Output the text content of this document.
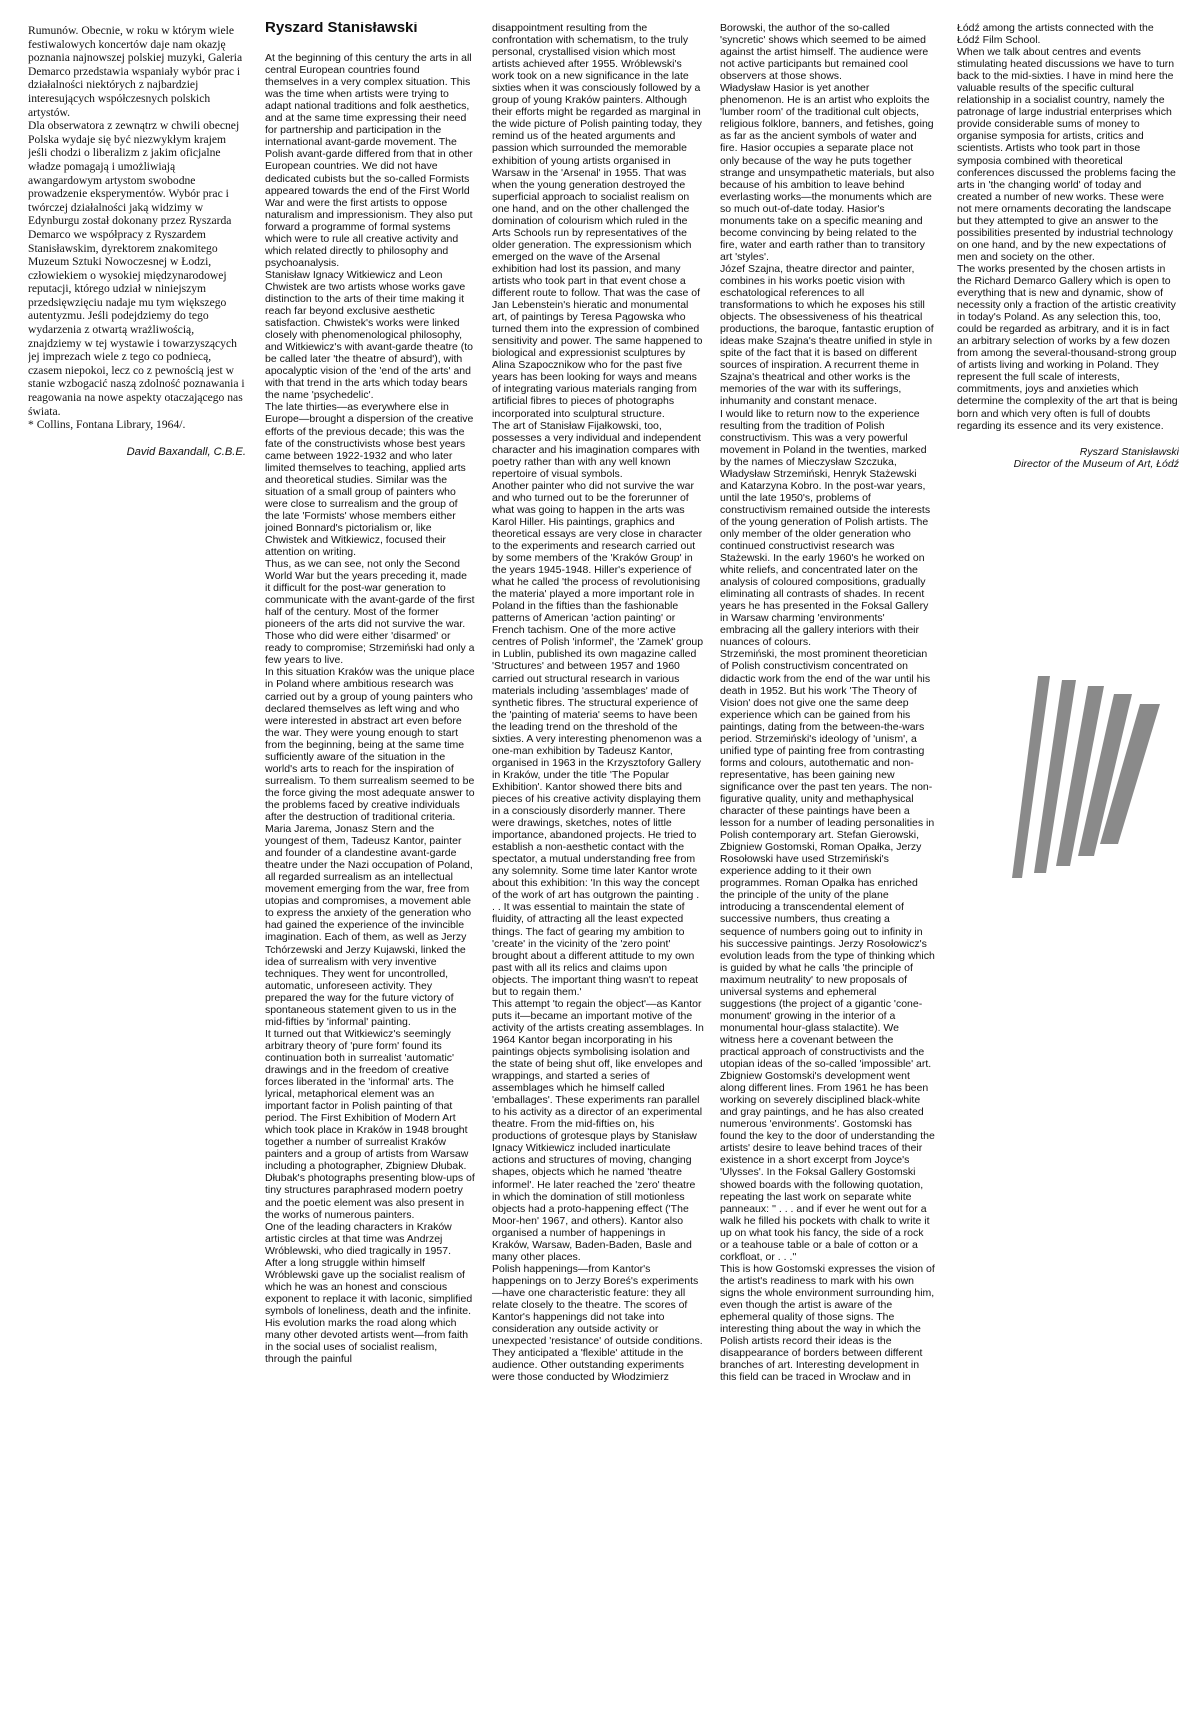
Rumunów. Obecnie, w roku w którym wiele festiwalowych koncertów daje nam okazję poznania najnowszej polskiej muzyki, Galeria Demarco przedstawia wspaniały wybór prac i działalności niektórych z najbardziej interesujących współczesnych polskich artystów.

Dla obserwatora z zewnątrz w chwili obecnej Polska wydaje się być niezwykłym krajem jeśli chodzi o liberalizm z jakim oficjalne władze pomagają i umożliwiają awangardowym artystom swobodne prowadzenie eksperymentów. Wybór prac i twórczej działalności jaką widzimy w Edynburgu został dokonany przez Ryszarda Demarco we współpracy z Ryszardem Stanisławskim, dyrektorem znakomitego Muzeum Sztuki Nowoczesnej w Łodzi, człowiekiem o wysokiej międzynarodowej reputacji, którego udział w niniejszym przedsięwzięciu nadaje mu tym większego autentyzmu. Jeśli podejdziemy do tego wydarzenia z otwartą wrażliwością, znajdziemy w tej wystawie i towarzyszących jej imprezach wiele z tego co podniecą, czasem niepokoi, lecz co z pewnością jest w stanie wzbogacić naszą zdolność poznawania i reagowania na nowe aspekty otaczającego nas świata.

* Collins, Fontana Library, 1964/.

David Baxandall, C.B.E.

Ryszard Stanisławski

At the beginning of this century the arts in all central European countries found themselves in a very complex situation. This was the time when artists were trying to adapt national traditions and folk aesthetics, and at the same time expressing their need for partnership and participation in the international avant-garde movement. The Polish avant-garde differed from that in other European countries. We did not have dedicated cubists but the so-called Formists appeared towards the end of the First World War and were the first artists to oppose naturalism and impressionism. They also put forward a programme of formal systems which were to rule all creative activity and which related directly to philosophy and psychoanalysis.

Stanisław Ignacy Witkiewicz and Leon Chwistek are two artists whose works gave distinction to the arts of their time making it reach far beyond exclusive aesthetic satisfaction. Chwistek's works were linked closely with phenomenological philosophy, and Witkiewicz's with avant-garde theatre (to be called later 'the theatre of absurd'), with apocalyptic vision of the 'end of the arts' and with that trend in the arts which today bears the name 'psychedelic'.

The late thirties—as everywhere else in Europe—brought a dispersion of the creative efforts of the previous decade; this was the fate of the constructivists whose best years came between 1922-1932 and who later limited themselves to teaching, applied arts and theoretical studies. Similar was the situation of a small group of painters who were close to surrealism and the group of the late 'Formists' whose members either joined Bonnard's pictorialism or, like Chwistek and Witkiewicz, focused their attention on writing.

Thus, as we can see, not only the Second World War but the years preceding it, made it difficult for the post-war generation to communicate with the avant-garde of the first half of the century. Most of the former pioneers of the arts did not survive the war. Those who did were either 'disarmed' or ready to compromise; Strzemiński had only a few years to live.

In this situation Kraków was the unique place in Poland where ambitious research was carried out by a group of young painters who declared themselves as left wing and who were interested in abstract art even before the war. They were young enough to start from the beginning, being at the same time sufficiently aware of the situation in the world's arts to reach for the inspiration of surrealism. To them surrealism seemed to be the force giving the most adequate answer to the problems faced by creative individuals after the destruction of traditional criteria. Maria Jarema, Jonasz Stern and the youngest of them, Tadeusz Kantor, painter and founder of a clandestine avant-garde theatre under the Nazi occupation of Poland, all regarded surrealism as an intellectual movement emerging from the war, free from utopias and compromises, a movement able to express the anxiety of the generation who had gained the experience of the invincible imagination. Each of them, as well as Jerzy Tchórzewski and Jerzy Kujawski, linked the idea of surrealism with very inventive techniques. They went for uncontrolled, automatic, unforeseen activity. They prepared the way for the future victory of spontaneous statement given to us in the mid-fifties by 'informal' painting.

It turned out that Witkiewicz's seemingly arbitrary theory of 'pure form' found its continuation both in surrealist 'automatic' drawings and in the freedom of creative forces liberated in the 'informal' arts. The lyrical, metaphorical element was an important factor in Polish painting of that period. The First Exhibition of Modern Art which took place in Kraków in 1948 brought together a number of surrealist Kraków painters and a group of artists from Warsaw including a photographer, Zbigniew Dłubak. Dłubak's photographs presenting blow-ups of tiny structures paraphrased modern poetry and the poetic element was also present in the works of numerous painters.

One of the leading characters in Kraków artistic circles at that time was Andrzej Wróblewski, who died tragically in 1957. After a long struggle within himself Wróblewski gave up the socialist realism of which he was an honest and conscious exponent to replace it with laconic, simplified symbols of loneliness, death and the infinite. His evolution marks the road along which many other devoted artists went—from faith in the social uses of socialist realism, through the painful

disappointment resulting from the confrontation with schematism, to the truly personal, crystallised vision which most artists achieved after 1955. Wróblewski's work took on a new significance in the late sixties when it was consciously followed by a group of young Kraków painters. Although their efforts might be regarded as marginal in the wide picture of Polish painting today, they remind us of the heated arguments and passion which surrounded the memorable exhibition of young artists organised in Warsaw in the 'Arsenal' in 1955. That was when the young generation destroyed the superficial approach to socialist realism on one hand, and on the other challenged the domination of colourism which ruled in the Arts Schools run by representatives of the older generation. The expressionism which emerged on the wave of the Arsenal exhibition had lost its passion, and many artists who took part in that event chose a different route to follow. That was the case of Jan Lebenstein's hieratic and monumental art, of paintings by Teresa Pągowska who turned them into the expression of combined sensitivity and power. The same happened to biological and expressionist sculptures by Alina Szapocznikow who for the past five years has been looking for ways and means of integrating various materials ranging from artificial fibres to pieces of photographs incorporated into sculptural structure.

The art of Stanisław Fijałkowski, too, possesses a very individual and independent character and his imagination compares with poetry rather than with any well known repertoire of visual symbols.

Another painter who did not survive the war and who turned out to be the forerunner of what was going to happen in the arts was Karol Hiller. His paintings, graphics and theoretical essays are very close in character to the experiments and research carried out by some members of the 'Kraków Group' in the years 1945-1948. Hiller's experience of what he called 'the process of revolutionising the materia' played a more important role in Poland in the fifties than the fashionable patterns of American 'action painting' or French tachism. One of the more active centres of Polish 'informel', the 'Zamek' group in Lublin, published its own magazine called 'Structures' and between 1957 and 1960 carried out structural research in various materials including 'assemblages' made of synthetic fibres. The structural experience of the 'painting of materia' seems to have been the leading trend on the threshold of the sixties. A very interesting phenomenon was a one-man exhibition by Tadeusz Kantor, organised in 1963 in the Krzysztofory Gallery in Kraków, under the title 'The Popular Exhibition'. Kantor showed there bits and pieces of his creative activity displaying them in a consciously disorderly manner. There were drawings, sketches, notes of little importance, abandoned projects. He tried to establish a non-aesthetic contact with the spectator, a mutual understanding free from any solemnity. Some time later Kantor wrote about this exhibition: 'In this way the concept of the work of art has outgrown the painting . . . It was essential to maintain the state of fluidity, of attracting all the least expected things. The fact of gearing my ambition to 'create' in the vicinity of the 'zero point' brought about a different attitude to my own past with all its relics and claims upon objects. The important thing wasn't to repeat but to regain them.'

This attempt 'to regain the object'—as Kantor puts it—became an important motive of the activity of the artists creating assemblages. In 1964 Kantor began incorporating in his paintings objects symbolising isolation and the state of being shut off, like envelopes and wrappings, and started a series of assemblages which he himself called 'emballages'. These experiments ran parallel to his activity as a director of an experimental theatre. From the mid-fifties on, his productions of grotesque plays by Stanisław Ignacy Witkiewicz included inarticulate actions and structures of moving, changing shapes, objects which he named 'theatre informel'. He later reached the 'zero' theatre in which the domination of still motionless objects had a proto-happening effect ('The Moor-hen' 1967, and others). Kantor also organised a number of happenings in Kraków, Warsaw, Baden-Baden, Basle and many other places.

Polish happenings—from Kantor's happenings on to Jerzy Boreś's experiments—have one characteristic feature: they all relate closely to the theatre. The scores of Kantor's happenings did not take into consideration any outside activity or unexpected 'resistance' of outside conditions. They anticipated a 'flexible' attitude in the audience. Other outstanding experiments were those conducted by Włodzimierz

Borowski, the author of the so-called 'syncretic' shows which seemed to be aimed against the artist himself. The audience were not active participants but remained cool observers at those shows.

Władysław Hasior is yet another phenomenon. He is an artist who exploits the 'lumber room' of the traditional cult objects, religious folklore, banners, and fetishes, going as far as the ancient symbols of water and fire. Hasior occupies a separate place not only because of the way he puts together strange and unsympathetic materials, but also because of his ambition to leave behind everlasting works—the monuments which are so much out-of-date today. Hasior's monuments take on a specific meaning and become convincing by being related to the fire, water and earth rather than to transitory art 'styles'.

Józef Szajna, theatre director and painter, combines in his works poetic vision with eschatological references to all transformations to which he exposes his still objects. The obsessiveness of his theatrical productions, the baroque, fantastic eruption of ideas make Szajna's theatre unified in style in spite of the fact that it is based on different sources of inspiration. A recurrent theme in Szajna's theatrical and other works is the memories of the war with its sufferings, inhumanity and constant menace.

I would like to return now to the experience resulting from the tradition of Polish constructivism. This was a very powerful movement in Poland in the twenties, marked by the names of Mieczysław Szczuka, Władysław Strzemiński, Henryk Stażewski and Katarzyna Kobro. In the post-war years, until the late 1950's, problems of constructivism remained outside the interests of the young generation of Polish artists. The only member of the older generation who continued constructivist research was Stażewski. In the early 1960's he worked on white reliefs, and concentrated later on the analysis of coloured compositions, gradually eliminating all contrasts of shades. In recent years he has presented in the Foksal Gallery in Warsaw charming 'environments' embracing all the gallery interiors with their nuances of colours.

Strzemiński, the most prominent theoretician of Polish constructivism concentrated on didactic work from the end of the war until his death in 1952. But his work 'The Theory of Vision' does not give one the same deep experience which can be gained from his paintings, dating from the between-the-wars period. Strzemiński's ideology of 'unism', a unified type of painting free from contrasting forms and colours, autothematic and non-representative, has been gaining new significance over the past ten years. The non-figurative quality, unity and methaphysical character of these paintings have been a lesson for a number of leading personalities in Polish contemporary art. Stefan Gierowski, Zbigniew Gostomski, Roman Opałka, Jerzy Rosołowski have used Strzemiński's experience adding to it their own programmes. Roman Opałka has enriched the principle of the unity of the plane introducing a transcendental element of successive numbers, thus creating a sequence of numbers going out to infinity in his successive paintings. Jerzy Rosołowicz's evolution leads from the type of thinking which is guided by what he calls 'the principle of maximum neutrality' to new proposals of universal systems and ephemeral suggestions (the project of a gigantic 'cone-monument' growing in the interior of a monumental hour-glass stalactite). We witness here a covenant between the practical approach of constructivists and the utopian ideas of the so-called 'impossible' art.

Zbigniew Gostomski's development went along different lines. From 1961 he has been working on severely disciplined black-white and gray paintings, and he has also created numerous 'environments'. Gostomski has found the key to the door of understanding the artists' desire to leave behind traces of their existence in a short excerpt from Joyce's 'Ulysses'. In the Foksal Gallery Gostomski showed boards with the following quotation, repeating the last work on separate white panneaux: '' . . . and if ever he went out for a walk he filled his pockets with chalk to write it up on what took his fancy, the side of a rock or a teahouse table or a bale of cotton or a corkfloat, or . . .''

This is how Gostomski expresses the vision of the artist's readiness to mark with his own signs the whole environment surrounding him, even though the artist is aware of the ephemeral quality of those signs. The interesting thing about the way in which the Polish artists record their ideas is the disappearance of borders between different branches of art. Interesting development in this field can be traced in Wrocław and in

Łódź among the artists connected with the Łódź Film School.

When we talk about centres and events stimulating heated discussions we have to turn back to the mid-sixties. I have in mind here the valuable results of the specific cultural relationship in a socialist country, namely the patronage of large industrial enterprises which provide considerable sums of money to organise symposia for artists, critics and scientists. Artists who took part in those symposia combined with theoretical conferences discussed the problems facing the arts in 'the changing world' of today and created a number of new works. These were not mere ornaments decorating the landscape but they attempted to give an answer to the possibilities presented by industrial technology on one hand, and by the new expectations of men and society on the other.

The works presented by the chosen artists in the Richard Demarco Gallery which is open to everything that is new and dynamic, show of necessity only a fraction of the artistic creativity in today's Poland. As any selection this, too, could be regarded as arbitrary, and it is in fact an arbitrary selection of works by a few dozen from among the several-thousand-strong group of artists living and working in Poland. They represent the full scale of interests, commitments, joys and anxieties which determine the complexity of the art that is being born and which very often is full of doubts regarding its essence and its very existence.

Ryszard Stanisławski

Director of the Museum of Art, Łódź
